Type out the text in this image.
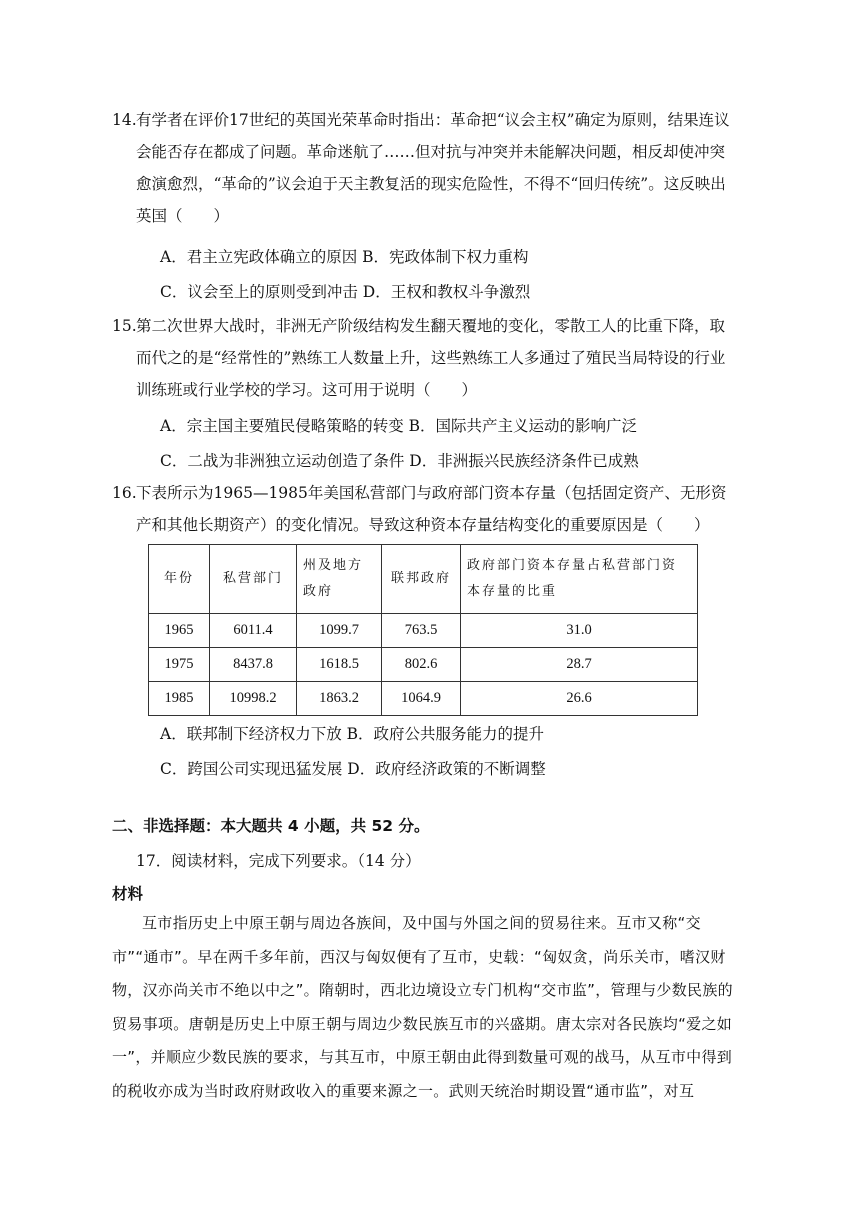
14. 有学者在评价17世纪的英国光荣革命时指出：革命把“议会主权”确定为原则，结果连议会能否存在都成了问题。革命迷航了……但对抗与冲突并未能解决问题，相反却使冲突愈演愈烈，“革命的”议会迫于天主教复活的现实危险性，不得不“回归传统”。这反映出英国（　　）
A．君主立宪政体确立的原因 B．宪政体制下权力重构
C．议会至上的原则受到冲击 D．王权和教权斗争激烈
15. 第二次世界大战时，非洲无产阶级结构发生翻天覆地的变化，零散工人的比重下降，取而代之的是“经常性的”熟练工人数量上升，这些熟练工人多通过了殖民当局特设的行业训练班或行业学校的学习。这可用于说明（　　）
A．宗主国主要殖民侵略策略的转变 B．国际共产主义运动的影响广泛
C．二战为非洲独立运动创造了条件 D．非洲振兴民族经济条件已成熟
16. 下表所示为1965—1985年美国私营部门与政府部门资本存量（包括固定资产、无形资产和其他长期资产）的变化情况。导致这种资本存量结构变化的重要原因是（　　）
年份	私营部门	州及地方政府	联邦政府	政府部门资本存量占私营部门资本存量的比重
1965	6011.4	1099.7	763.5	31.0
1975	8437.8	1618.5	802.6	28.7
1985	10998.2	1863.2	1064.9	26.6
A．联邦制下经济权力下放 B．政府公共服务能力的提升
C．跨国公司实现迅猛发展 D．政府经济政策的不断调整
二、非选择题：本大题共 4 小题，共 52 分。
17．阅读材料，完成下列要求。（14 分）
材料
互市指历史上中原王朝与周边各族间，及中国与外国之间的贸易往来。互市又称“交市”“通市”。早在两千多年前，西汉与匈奴便有了互市，史载：“匈奴贪，尚乐关市，嗜汉财物，汉亦尚关市不绝以中之”。隋朝时，西北边境设立专门机构“交市监”，管理与少数民族的贸易事项。唐朝是历史上中原王朝与周边少数民族互市的兴盛期。唐太宗对各民族均“爱之如一”，并顺应少数民族的要求，与其互市，中原王朝由此得到数量可观的战马，从互市中得到的税收亦成为当时政府财政收入的重要来源之一。武则天统治时期设置“通市监”，对互
